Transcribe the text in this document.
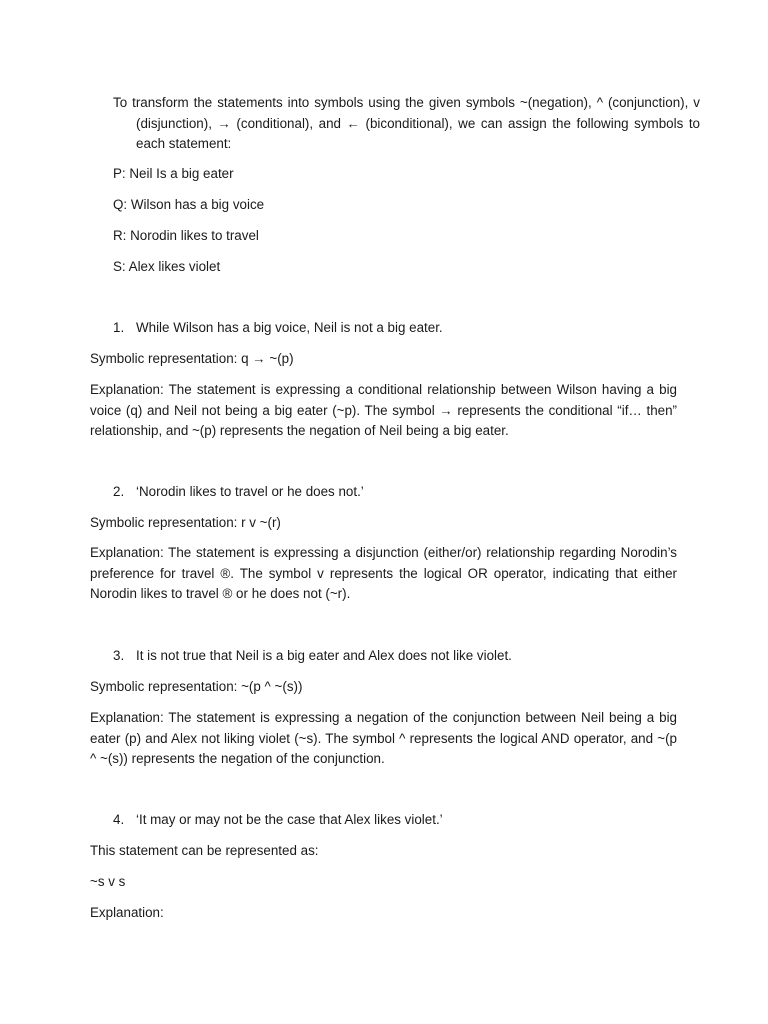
To transform the statements into symbols using the given symbols ~(negation), ^ (conjunction), v (disjunction), → (conditional), and ← (biconditional), we can assign the following symbols to each statement:

P: Neil Is a big eater
Q: Wilson has a big voice
R: Norodin likes to travel
S: Alex likes violet
1. While Wilson has a big voice, Neil is not a big eater.
Symbolic representation: q → ~(p)
Explanation: The statement is expressing a conditional relationship between Wilson having a big voice (q) and Neil not being a big eater (~p). The symbol → represents the conditional “if… then” relationship, and ~(p) represents the negation of Neil being a big eater.
2. ‘Norodin likes to travel or he does not.’
Symbolic representation: r v ~(r)
Explanation: The statement is expressing a disjunction (either/or) relationship regarding Norodin’s preference for travel ®. The symbol v represents the logical OR operator, indicating that either Norodin likes to travel ® or he does not (~r).
3. It is not true that Neil is a big eater and Alex does not like violet.
Symbolic representation: ~(p ^ ~(s))
Explanation: The statement is expressing a negation of the conjunction between Neil being a big eater (p) and Alex not liking violet (~s). The symbol ^ represents the logical AND operator, and ~(p ^ ~(s)) represents the negation of the conjunction.
4. ‘It may or may not be the case that Alex likes violet.’
This statement can be represented as:
~s v s
Explanation:
